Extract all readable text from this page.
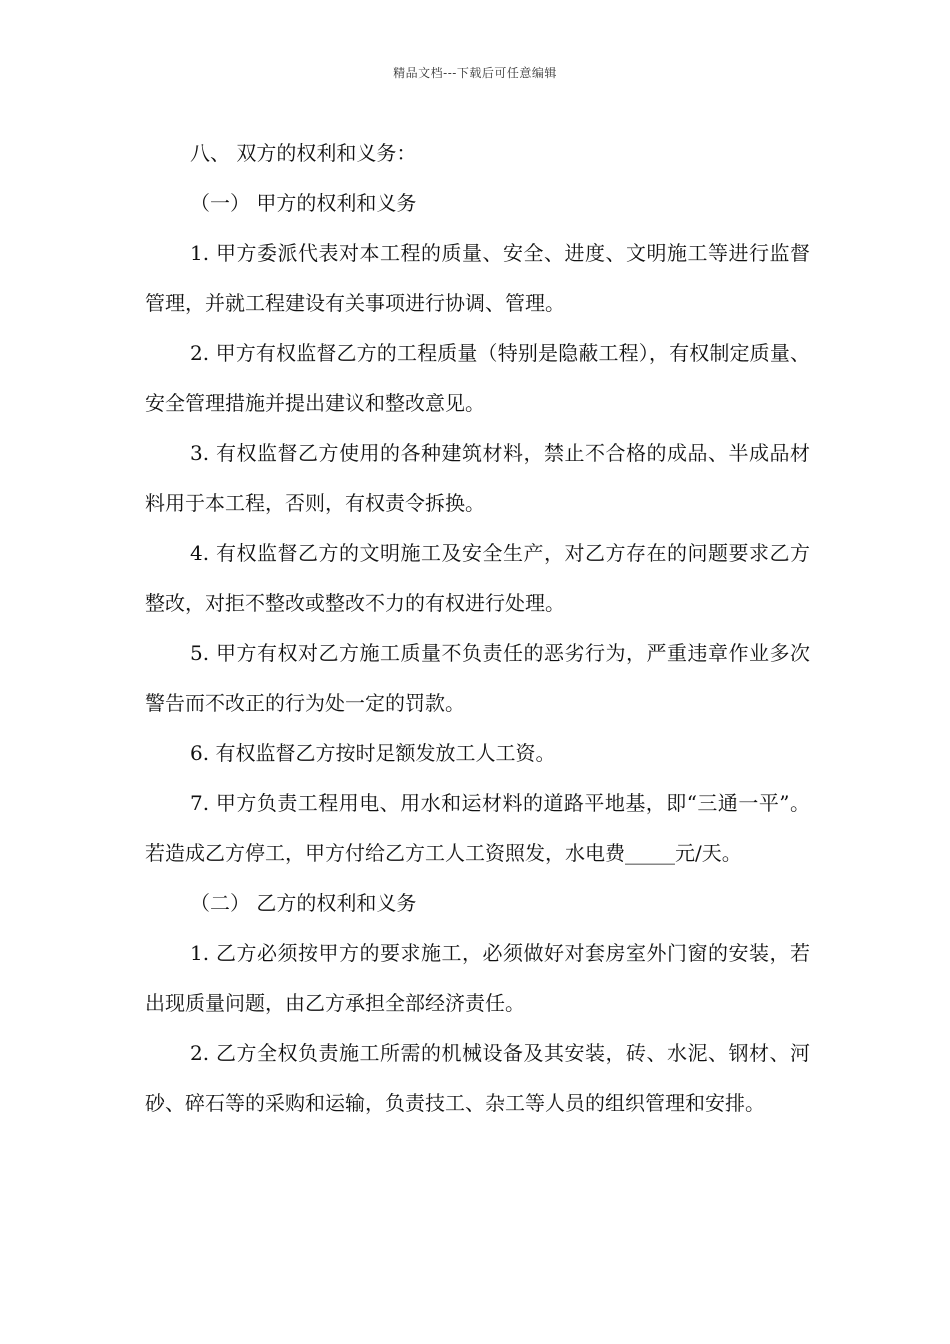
精品文档---下载后可任意编辑

八、 双方的权利和义务：

（一） 甲方的权利和义务

1. 甲方委派代表对本工程的质量、安全、进度、文明施工等进行监督管理，并就工程建设有关事项进行协调、管理。

2. 甲方有权监督乙方的工程质量（特别是隐蔽工程），有权制定质量、安全管理措施并提出建议和整改意见。

3. 有权监督乙方使用的各种建筑材料，禁止不合格的成品、半成品材料用于本工程，否则，有权责令拆换。

4. 有权监督乙方的文明施工及安全生产，对乙方存在的问题要求乙方整改，对拒不整改或整改不力的有权进行处理。

5. 甲方有权对乙方施工质量不负责任的恶劣行为，严重违章作业多次警告而不改正的行为处一定的罚款。

6. 有权监督乙方按时足额发放工人工资。

7. 甲方负责工程用电、用水和运材料的道路平地基，即“三通一平”。若造成乙方停工，甲方付给乙方工人工资照发，水电费_____元/天。

（二） 乙方的权利和义务

1. 乙方必须按甲方的要求施工，必须做好对套房室外门窗的安装，若出现质量问题，由乙方承担全部经济责任。

2. 乙方全权负责施工所需的机械设备及其安装，砖、水泥、钢材、河砂、碎石等的采购和运输，负责技工、杂工等人员的组织管理和安排。
